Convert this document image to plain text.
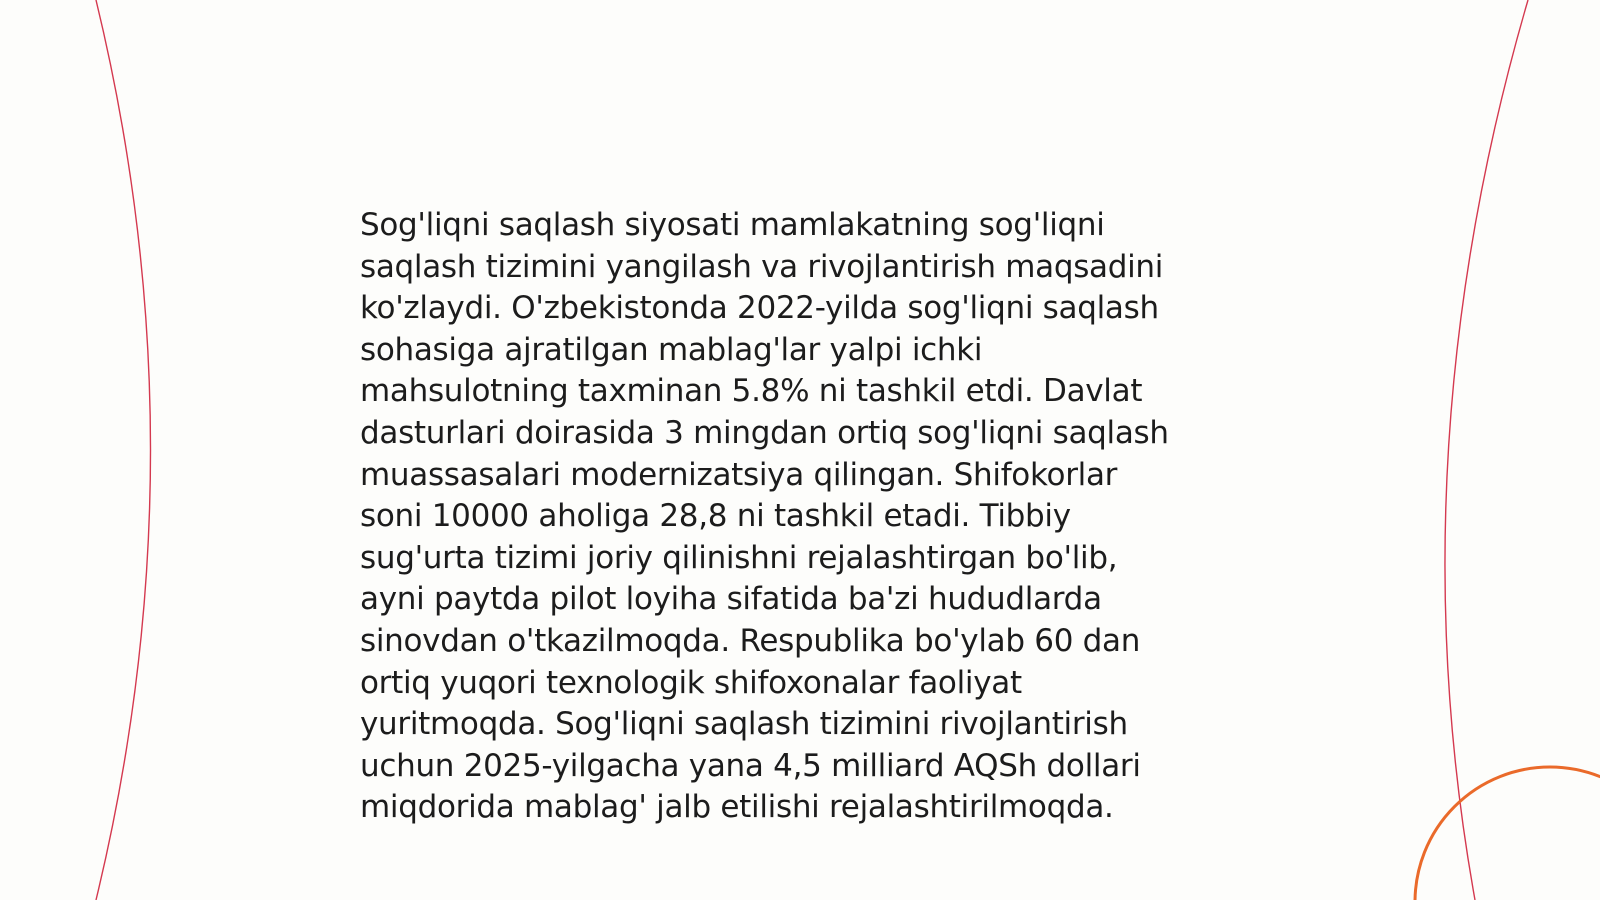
Sog'liqni saqlash siyosati mamlakatning sog'liqni
saqlash tizimini yangilash va rivojlantirish maqsadini
ko'zlaydi. O'zbekistonda 2022-yilda sog'liqni saqlash
sohasiga ajratilgan mablag'lar yalpi ichki
mahsulotning taxminan 5.8% ni tashkil etdi. Davlat
dasturlari doirasida 3 mingdan ortiq sog'liqni saqlash
muassasalari modernizatsiya qilingan. Shifokorlar
soni 10000 aholiga 28,8 ni tashkil etadi. Tibbiy
sug'urta tizimi joriy qilinishni rejalashtirgan bo'lib,
ayni paytda pilot loyiha sifatida ba'zi hududlarda
sinovdan o'tkazilmoqda. Respublika bo'ylab 60 dan
ortiq yuqori texnologik shifoxonalar faoliyat
yuritmoqda. Sog'liqni saqlash tizimini rivojlantirish
uchun 2025-yilgacha yana 4,5 milliard AQSh dollari
miqdorida mablag' jalb etilishi rejalashtirilmoqda.
